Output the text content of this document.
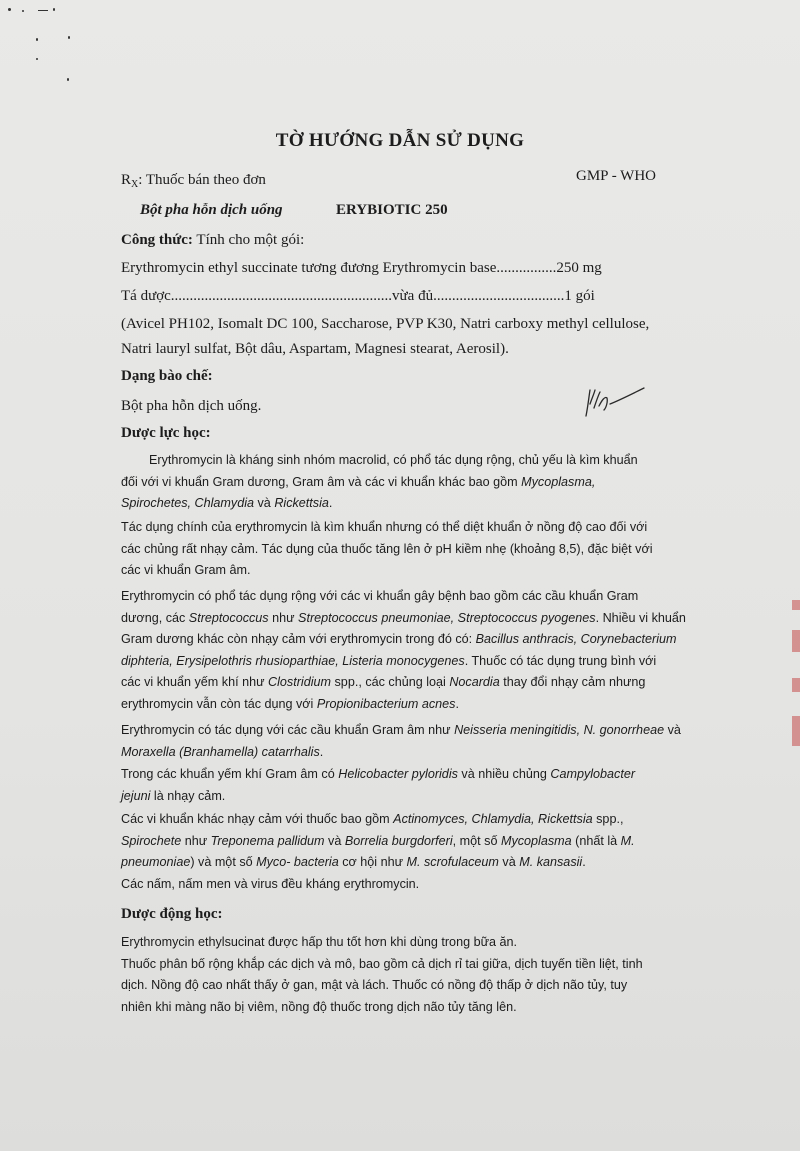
TỜ HƯỚNG DẪN SỬ DỤNG
$R_X$: Thuốc bán theo đơn	GMP - WHO
Bột pha hỗn dịch uống	ERYBIOTIC 250
Công thức: Tính cho một gói:
Erythromycin ethyl succinate tương đương Erythromycin base................250 mg
Tá dược...........................................................vừa đủ...................................1 gói
(Avicel PH102, Isomalt DC 100, Saccharose, PVP K30, Natri carboxy methyl cellulose,
Natri lauryl sulfat, Bột dâu, Aspartam, Magnesi stearat, Aerosil).
Dạng bào chế:
Bột pha hỗn dịch uống.
Dược lực học:
Erythromycin là kháng sinh nhóm macrolid, có phổ tác dụng rộng, chủ yếu là kìm khuẩn
đối với vi khuẩn Gram dương, Gram âm và các vi khuẩn khác bao gồm Mycoplasma,
Spirochetes, Chlamydia và Rickettsia.
Tác dụng chính của erythromycin là kìm khuẩn nhưng có thể diệt khuẩn ở nồng độ cao đối với
các chủng rất nhạy cảm. Tác dụng của thuốc tăng lên ở pH kiềm nhẹ (khoảng 8,5), đặc biệt với
các vi khuẩn Gram âm.
Erythromycin có phổ tác dụng rộng với các vi khuẩn gây bệnh bao gồm các cầu khuẩn Gram
dương, các Streptococcus như Streptococcus pneumoniae, Streptococcus pyogenes. Nhiều vi khuẩn
Gram dương khác còn nhạy cảm với erythromycin trong đó có: Bacillus anthracis, Corynebacterium
diphteria, Erysipelothris rhusioparthiae, Listeria monocygenes. Thuốc có tác dụng trung bình với
các vi khuẩn yếm khí như Clostridium spp., các chủng loại Nocardia thay đổi nhạy cảm nhưng
erythromycin vẫn còn tác dụng với Propionibacterium acnes.
Erythromycin có tác dụng với các cầu khuẩn Gram âm như Neisseria meningitidis, N. gonorrheae và
Moraxella (Branhamella) catarrhalis.
Trong các khuẩn yếm khí Gram âm có Helicobacter pyloridis và nhiều chủng Campylobacter
jejuni là nhạy cảm.
Các vi khuẩn khác nhạy cảm với thuốc bao gồm Actinomyces, Chlamydia, Rickettsia spp.,
Spirochete như Treponema pallidum và Borrelia burgdorferi, một số Mycoplasma (nhất là M.
pneumoniae) và một số Myco- bacteria cơ hội như M. scrofulaceum và M. kansasii.
Các nấm, nấm men và virus đều kháng erythromycin.
Dược động học:
Erythromycin ethylsucinat được hấp thu tốt hơn khi dùng trong bữa ăn.
Thuốc phân bố rộng khắp các dịch và mô, bao gồm cả dịch rỉ tai giữa, dịch tuyến tiền liệt, tinh
dịch. Nồng độ cao nhất thấy ở gan, mật và lách. Thuốc có nồng độ thấp ở dịch não tủy, tuy
nhiên khi màng não bị viêm, nồng độ thuốc trong dịch não tủy tăng lên.
